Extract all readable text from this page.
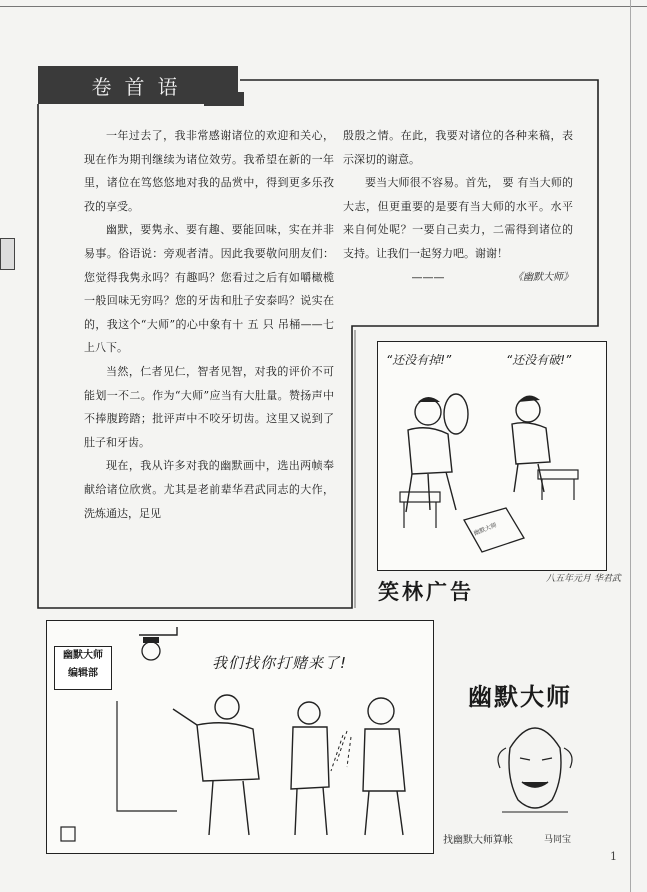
卷首语

一年过去了，我非常感谢诸位的欢迎和关心，现在作为期刊继续为诸位效劳。我希望在新的一年里，诸位在笃悠悠地对我的品赏中，得到更多乐孜孜的享受。

幽默，要隽永、要有趣、要能回味，实在并非易事。俗语说：旁观者清。因此我要敬问朋友们：您觉得我隽永吗？有趣吗？您看过之后有如嚼橄榄一般回味无穷吗？您的牙齿和肚子安泰吗？说实在的，我这个“大师”的心中象有十 五 只 吊桶——七上八下。

当然，仁者见仁，智者见智，对我的评价不可能划一不二。作为“大师”应当有大肚量。赞扬声中不捧腹跨踏；批评声中不咬牙切齿。这里又说到了肚子和牙齿。

现在，我从许多对我的幽默画中，选出两帧奉献给诸位欣赏。尤其是老前辈华君武同志的大作，洗炼通达，足见

殷殷之情。在此，我要对诸位的各种来稿，表示深切的谢意。

要当大师很不容易。首先， 要 有当大师的大志，但更重要的是要有当大师的水平。水平来自何处呢？一要自己卖力，二需得到诸位的支持。让我们一起努力吧。谢谢！

———	《幽默大师》
“还没有掉!”	“还没有破!”
幽默大师
笑林广告
八五年元月 华君武
幽默大师
编辑部
我们找你打赌来了!
幽默大师
找幽默大师算帐	马同宝
1
